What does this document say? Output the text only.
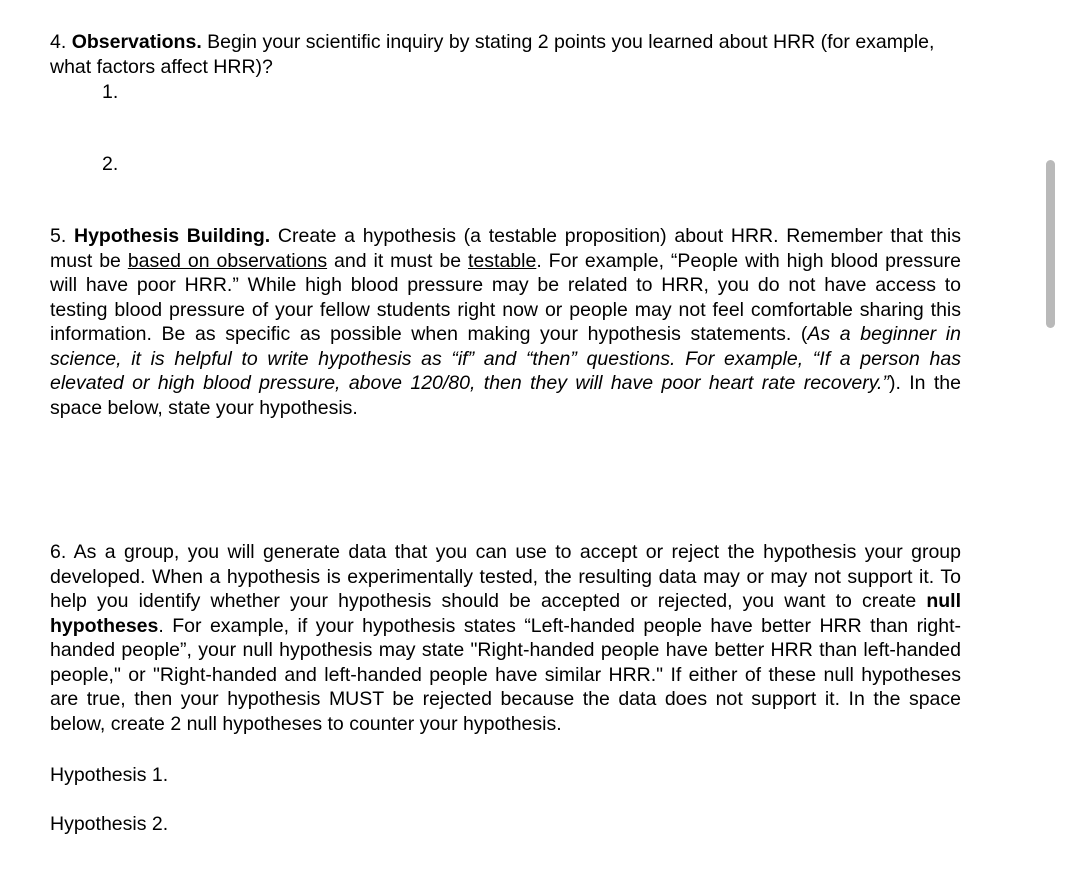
4. Observations. Begin your scientific inquiry by stating 2 points you learned about HRR (for example, what factors affect HRR)?

1.
2.

5. Hypothesis Building. Create a hypothesis (a testable proposition) about HRR. Remember that this must be based on observations and it must be testable. For example, “People with high blood pressure will have poor HRR.” While high blood pressure may be related to HRR, you do not have access to testing blood pressure of your fellow students right now or people may not feel comfortable sharing this information. Be as specific as possible when making your hypothesis statements. (As a beginner in science, it is helpful to write hypothesis as “if” and “then” questions. For example, “If a person has elevated or high blood pressure, above 120/80, then they will have poor heart rate recovery.”). In the space below, state your hypothesis.

6. As a group, you will generate data that you can use to accept or reject the hypothesis your group developed. When a hypothesis is experimentally tested, the resulting data may or may not support it. To help you identify whether your hypothesis should be accepted or rejected, you want to create null hypotheses. For example, if your hypothesis states “Left-handed people have better HRR than right-handed people”, your null hypothesis may state "Right-handed people have better HRR than left-handed people," or "Right-handed and left-handed people have similar HRR." If either of these null hypotheses are true, then your hypothesis MUST be rejected because the data does not support it. In the space below, create 2 null hypotheses to counter your hypothesis.

Hypothesis 1.
Hypothesis 2.
